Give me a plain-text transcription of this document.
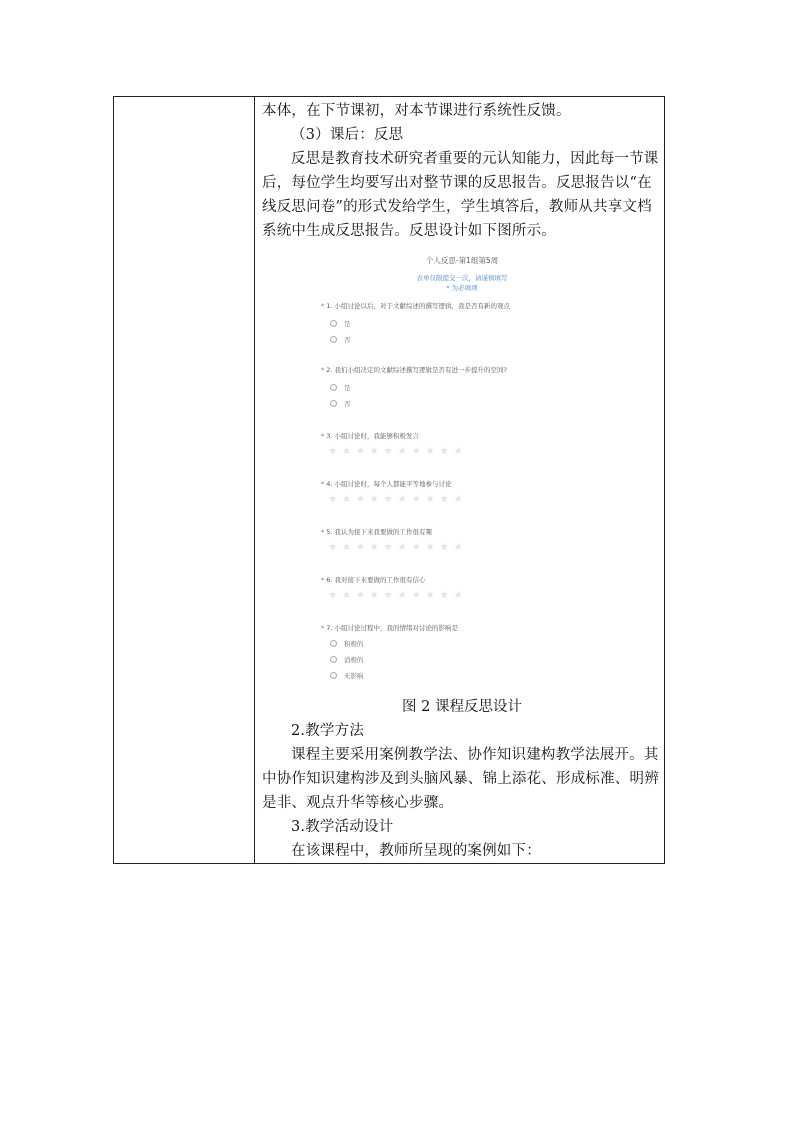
本体，在下节课初，对本节课进行系统性反馈。

（3）课后：反思

反思是教育技术研究者重要的元认知能力，因此每一节课后，每位学生均要写出对整节课的反思报告。反思报告以“在线反思问卷”的形式发给学生，学生填答后，教师从共享文档系统中生成反思报告。反思设计如下图所示。

个人反思-第1组第5周
表单仅限提交一次，请谨慎填写
* 为必填项
* 1. 小组讨论以后，对于文献综述的撰写逻辑，我是否有新的观点
是
否
* 2. 我们小组决定的文献综述撰写逻辑是否有进一步提升的空间?
是
否
* 3. 小组讨论时，我能够积极发言
★ ★ ★ ★ ★ ★ ★ ★ ★ ★
* 4. 小组讨论时，每个人都能平等地参与讨论
★ ★ ★ ★ ★ ★ ★ ★ ★ ★
* 5. 我认为接下来我要做的工作很有趣
★ ★ ★ ★ ★ ★ ★ ★ ★ ★
* 6. 我对接下来要做的工作很有信心
★ ★ ★ ★ ★ ★ ★ ★ ★ ★
* 7. 小组讨论过程中，我的情绪对讨论的影响是
积极的
消极的
无影响

图 2 课程反思设计

2.教学方法

课程主要采用案例教学法、协作知识建构教学法展开。其中协作知识建构涉及到头脑风暴、锦上添花、形成标准、明辨是非、观点升华等核心步骤。

3.教学活动设计

在该课程中，教师所呈现的案例如下：
